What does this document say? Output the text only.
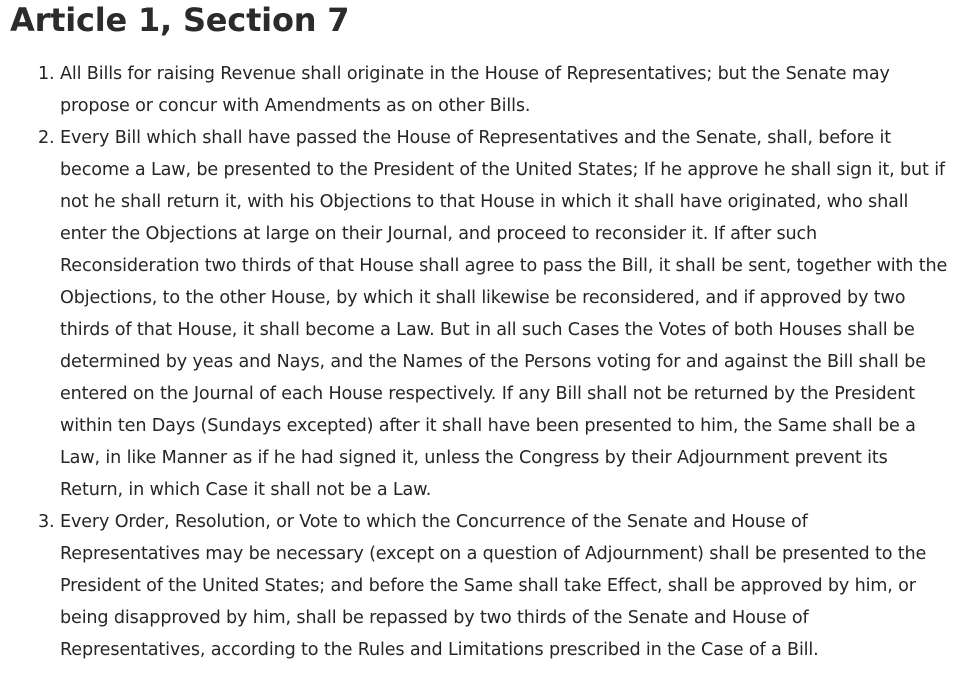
Article 1, Section 7
1. All Bills for raising Revenue shall originate in the House of Representatives; but the Senate may propose or concur with Amendments as on other Bills.
2. Every Bill which shall have passed the House of Representatives and the Senate, shall, before it become a Law, be presented to the President of the United States; If he approve he shall sign it, but if not he shall return it, with his Objections to that House in which it shall have originated, who shall enter the Objections at large on their Journal, and proceed to reconsider it. If after such Reconsideration two thirds of that House shall agree to pass the Bill, it shall be sent, together with the Objections, to the other House, by which it shall likewise be reconsidered, and if approved by two thirds of that House, it shall become a Law. But in all such Cases the Votes of both Houses shall be determined by yeas and Nays, and the Names of the Persons voting for and against the Bill shall be entered on the Journal of each House respectively. If any Bill shall not be returned by the President within ten Days (Sundays excepted) after it shall have been presented to him, the Same shall be a Law, in like Manner as if he had signed it, unless the Congress by their Adjournment prevent its Return, in which Case it shall not be a Law.
3. Every Order, Resolution, or Vote to which the Concurrence of the Senate and House of Representatives may be necessary (except on a question of Adjournment) shall be presented to the President of the United States; and before the Same shall take Effect, shall be approved by him, or being disapproved by him, shall be repassed by two thirds of the Senate and House of Representatives, according to the Rules and Limitations prescribed in the Case of a Bill.
